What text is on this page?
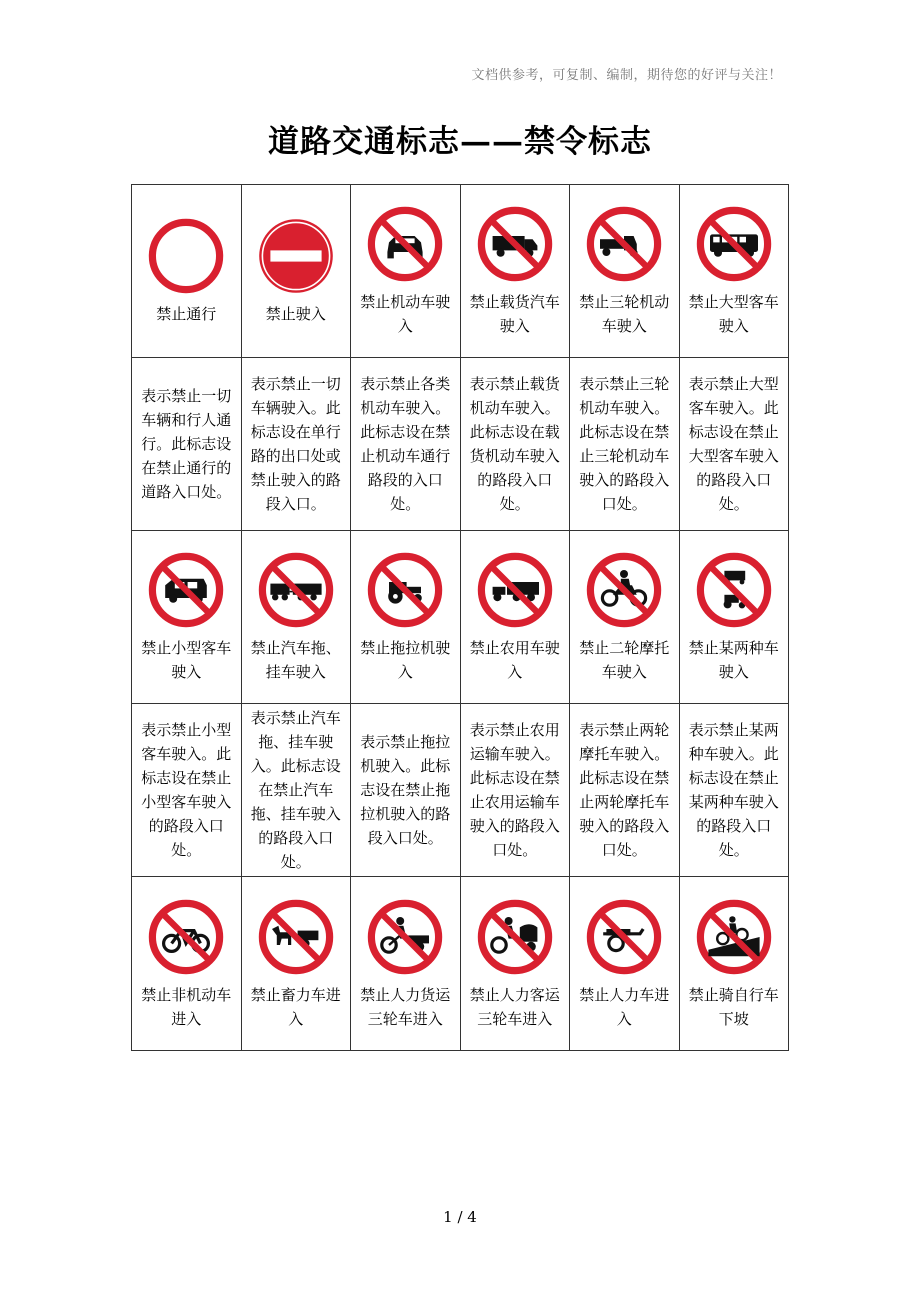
文档供参考，可复制、编制，期待您的好评与关注！
道路交通标志——禁令标志
禁止通行	禁止驶入	禁止机动车驶入	禁止载货汽车驶入	禁止三轮机动车驶入	禁止大型客车驶入
表示禁止一切车辆和行人通行。此标志设在禁止通行的道路入口处。	表示禁止一切车辆驶入。此标志设在单行路的出口处或禁止驶入的路段入口。	表示禁止各类机动车驶入。此标志设在禁止机动车通行路段的入口处。	表示禁止载货机动车驶入。此标志设在载货机动车驶入的路段入口处。	表示禁止三轮机动车驶入。此标志设在禁止三轮机动车驶入的路段入口处。	表示禁止大型客车驶入。此标志设在禁止大型客车驶入的路段入口处。

禁止小型客车驶入	禁止汽车拖、挂车驶入	禁止拖拉机驶入	禁止农用车驶入	禁止二轮摩托车驶入	禁止某两种车驶入
表示禁止小型客车驶入。此标志设在禁止小型客车驶入的路段入口处。	表示禁止汽车拖、挂车驶入。此标志设在禁止汽车拖、挂车驶入的路段入口处。	表示禁止拖拉机驶入。此标志设在禁止拖拉机驶入的路段入口处。	表示禁止农用运输车驶入。此标志设在禁止农用运输车驶入的路段入口处。	表示禁止两轮摩托车驶入。此标志设在禁止两轮摩托车驶入的路段入口处。	表示禁止某两种车驶入。此标志设在禁止某两种车驶入的路段入口处。

禁止非机动车进入	禁止畜力车进入	禁止人力货运三轮车进入	禁止人力客运三轮车进入	禁止人力车进入	禁止骑自行车下坡
1 / 4
